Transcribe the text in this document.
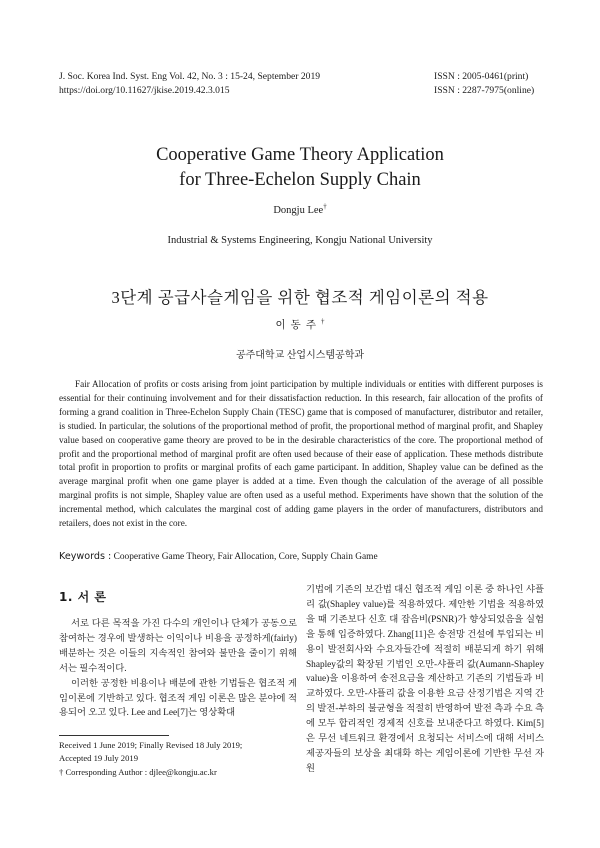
J. Soc. Korea Ind. Syst. Eng Vol. 42, No. 3 : 15-24, September 2019
https://doi.org/10.11627/jkise.2019.42.3.015
ISSN : 2005-0461(print)
ISSN : 2287-7975(online)
Cooperative Game Theory Application
for Three-Echelon Supply Chain
Dongju Lee†
Industrial & Systems Engineering, Kongju National University
3단계 공급사슬게임을 위한 협조적 게임이론의 적용
이동주†
공주대학교 산업시스템공학과

Fair Allocation of profits or costs arising from joint participation by multiple individuals or entities with different purposes is essential for their continuing involvement and for their dissatisfaction reduction. In this research, fair allocation of the profits of forming a grand coalition in Three-Echelon Supply Chain (TESC) game that is composed of manufacturer, distributor and retailer, is studied. In particular, the solutions of the proportional method of profit, the proportional method of marginal profit, and Shapley value based on cooperative game theory are proved to be in the desirable characteristics of the core. The proportional method of profit and the proportional method of marginal profit are often used because of their ease of application. These methods distribute total profit in proportion to profits or marginal profits of each game participant. In addition, Shapley value can be defined as the average marginal profit when one game player is added at a time. Even though the calculation of the average of all possible marginal profits is not simple, Shapley value are often used as a useful method. Experiments have shown that the solution of the incremental method, which calculates the marginal cost of adding game players in the order of manufacturers, distributors and retailers, does not exist in the core.

Keywords : Cooperative Game Theory, Fair Allocation, Core, Supply Chain Game
1. 서 론

서로 다른 목적을 가진 다수의 개인이나 단체가 공동으로 참여하는 경우에 발생하는 이익이나 비용을 공정하게(fairly) 배분하는 것은 이들의 지속적인 참여와 불만을 줄이기 위해서는 필수적이다.

이러한 공정한 비용이나 배분에 관한 기법들은 협조적 게임이론에 기반하고 있다. 협조적 게임 이론은 많은 분야에 적용되어 오고 있다. Lee and Lee[7]는 영상확대

기법에 기존의 보간법 대신 협조적 게임 이론 중 하나인 샤플리 값(Shapley value)를 적용하였다. 제안한 기법을 적용하였을 때 기존보다 신호 대 잡음비(PSNR)가 향상되었음을 실험을 통해 입증하였다. Zhang[11]은 송전망 건설에 투입되는 비용이 발전회사와 수요자들간에 적절히 배분되게 하기 위해 Shapley값의 확장된 기법인 오만-샤플리 값(Aumann-Shapley value)을 이용하여 송전요금을 계산하고 기존의 기법들과 비교하였다. 오만-샤플리 값을 이용한 요금 산정기법은 지역 간의 발전-부하의 불균형을 적절히 반영하여 발전 측과 수요 측에 모두 합리적인 경제적 신호를 보내준다고 하였다. Kim[5]은 무선 네트워크 환경에서 요청되는 서비스에 대해 서비스 제공자들의 보상을 최대화 하는 게임이론에 기반한 무선 자원

Received 1 June 2019; Finally Revised 18 July 2019;
Accepted 19 July 2019
† Corresponding Author : djlee@kongju.ac.kr
